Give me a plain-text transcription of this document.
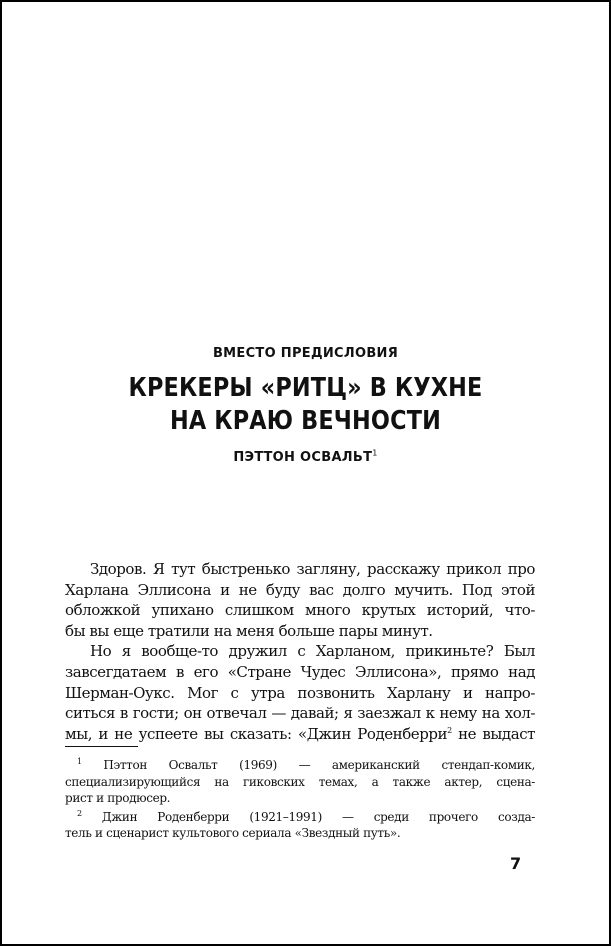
ВМЕСТО ПРЕДИСЛОВИЯ
КРЕКЕРЫ «РИТЦ» В КУХНЕ
НА КРАЮ ВЕЧНОСТИ
ПЭТТОН ОСВАЛЬТ$^1$
Здоров. Я тут быстренько загляну, расскажу прикол про
Харлана Эллисона и не буду вас долго мучить. Под этой
обложкой упихано слишком много крутых историй, что-
бы вы еще тратили на меня больше пары минут.
Но я вообще-то дружил с Харланом, прикиньте? Был
завсегдатаем в его «Стране Чудес Эллисона», прямо над
Шерман-Оукс. Мог с утра позвонить Харлану и напро-
ситься в гости; он отвечал — давай; я заезжал к нему на хол-
мы, и не успеете вы сказать: «Джин Роденберри$^2$ не выдаст
$^1$ Пэттон Освальт (1969) — американский стендап-комик,
специализирующийся на гиковских темах, а также актер, сцена-
рист и продюсер.
$^2$ Джин Роденберри (1921–1991) — среди прочего создa-
тель и сценарист культового сериала «Звездный путь».
7
